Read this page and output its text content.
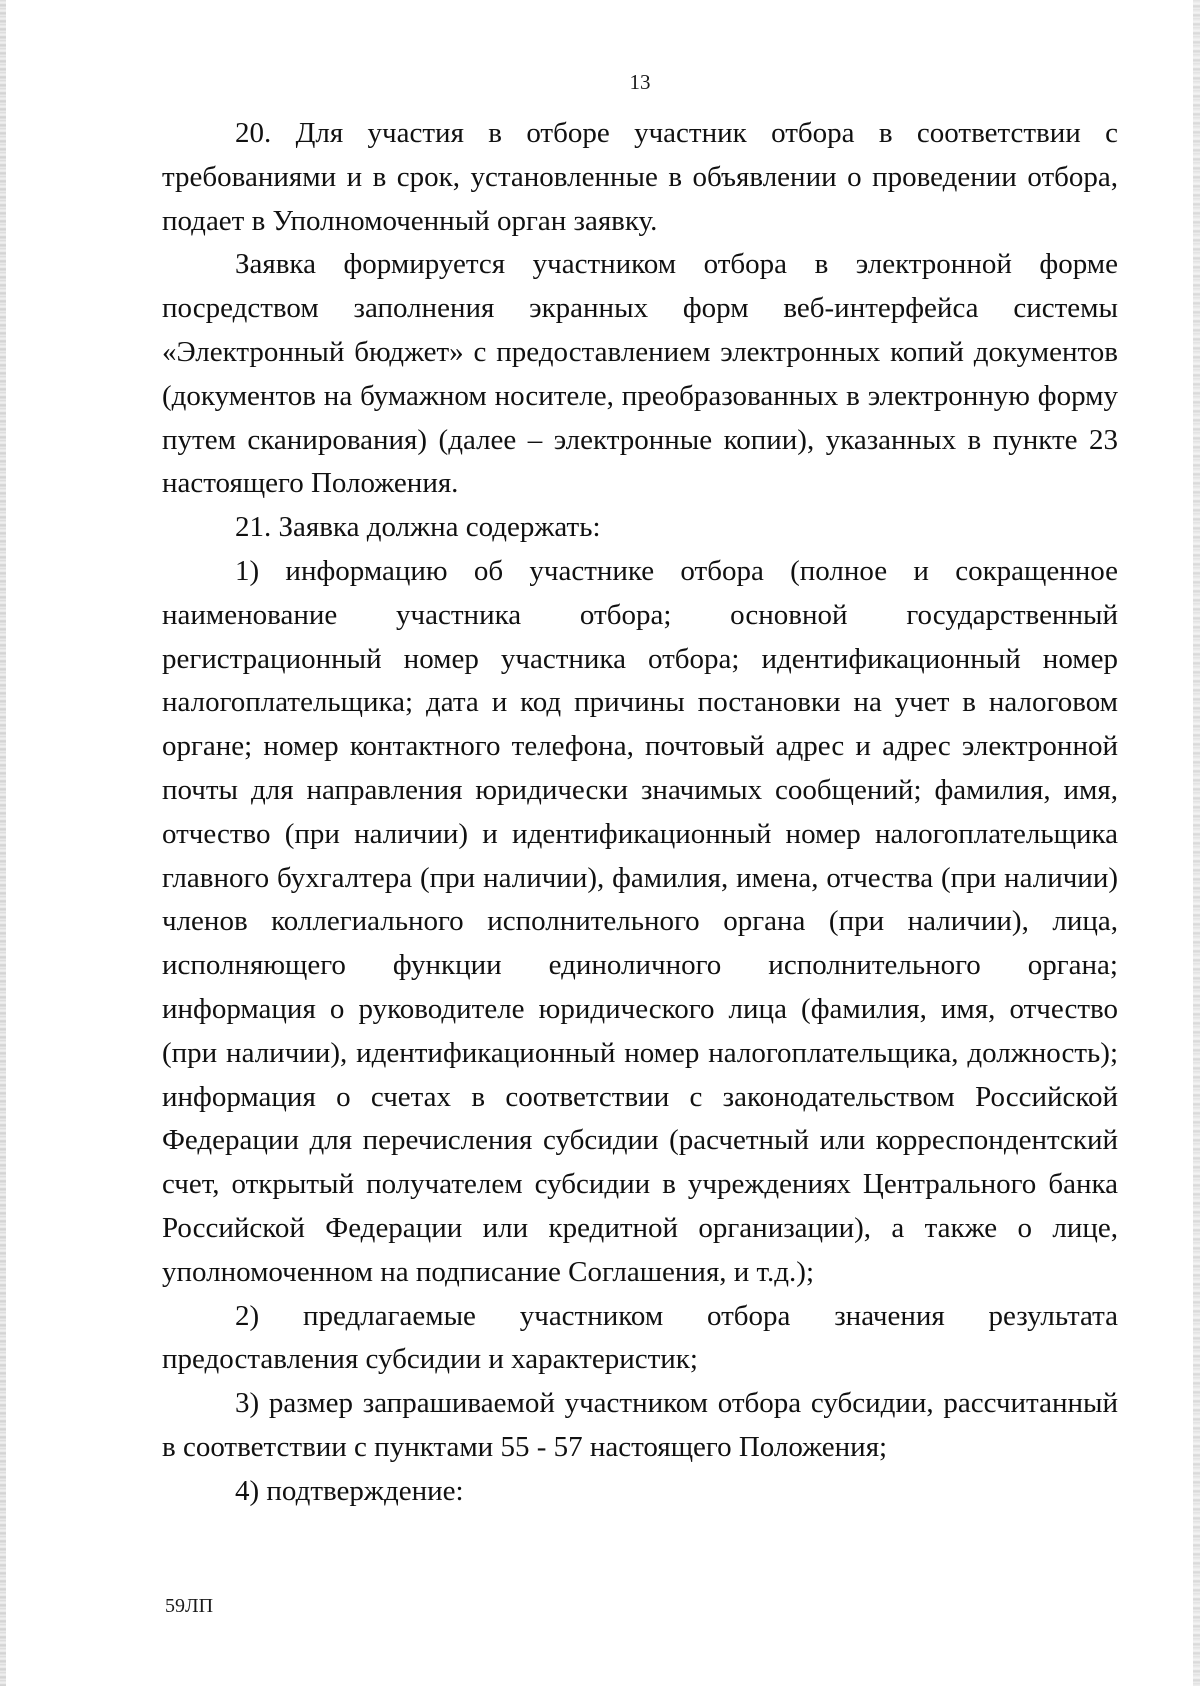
13

20. Для участия в отборе участник отбора в соответствии с требованиями и в срок, установленные в объявлении о проведении отбора, подает в Уполномоченный орган заявку.

Заявка формируется участником отбора в электронной форме посредством заполнения экранных форм веб-интерфейса системы «Электронный бюджет» с предоставлением электронных копий документов (документов на бумажном носителе, преобразованных в электронную форму путем сканирования) (далее – электронные копии), указанных в пункте 23 настоящего Положения.

21. Заявка должна содержать:

1) информацию об участнике отбора (полное и сокращенное наименование участника отбора; основной государственный регистрационный номер участника отбора; идентификационный номер налогоплательщика; дата и код причины постановки на учет в налоговом органе; номер контактного телефона, почтовый адрес и адрес электронной почты для направления юридически значимых сообщений; фамилия, имя, отчество (при наличии) и идентификационный номер налогоплательщика главного бухгалтера (при наличии), фамилия, имена, отчества (при наличии) членов коллегиального исполнительного органа (при наличии), лица, исполняющего функции единоличного исполнительного органа; информация о руководителе юридического лица (фамилия, имя, отчество (при наличии), идентификационный номер налогоплательщика, должность); информация о счетах в соответствии с законодательством Российской Федерации для перечисления субсидии (расчетный или корреспондентский счет, открытый получателем субсидии в учреждениях Центрального банка Российской Федерации или кредитной организации), а также о лице, уполномоченном на подписание Соглашения, и т.д.);

2) предлагаемые участником отбора значения результата предоставления субсидии и характеристик;

3) размер запрашиваемой участником отбора субсидии, рассчитанный в соответствии с пунктами 55 - 57 настоящего Положения;

4) подтверждение:

59ЛП
